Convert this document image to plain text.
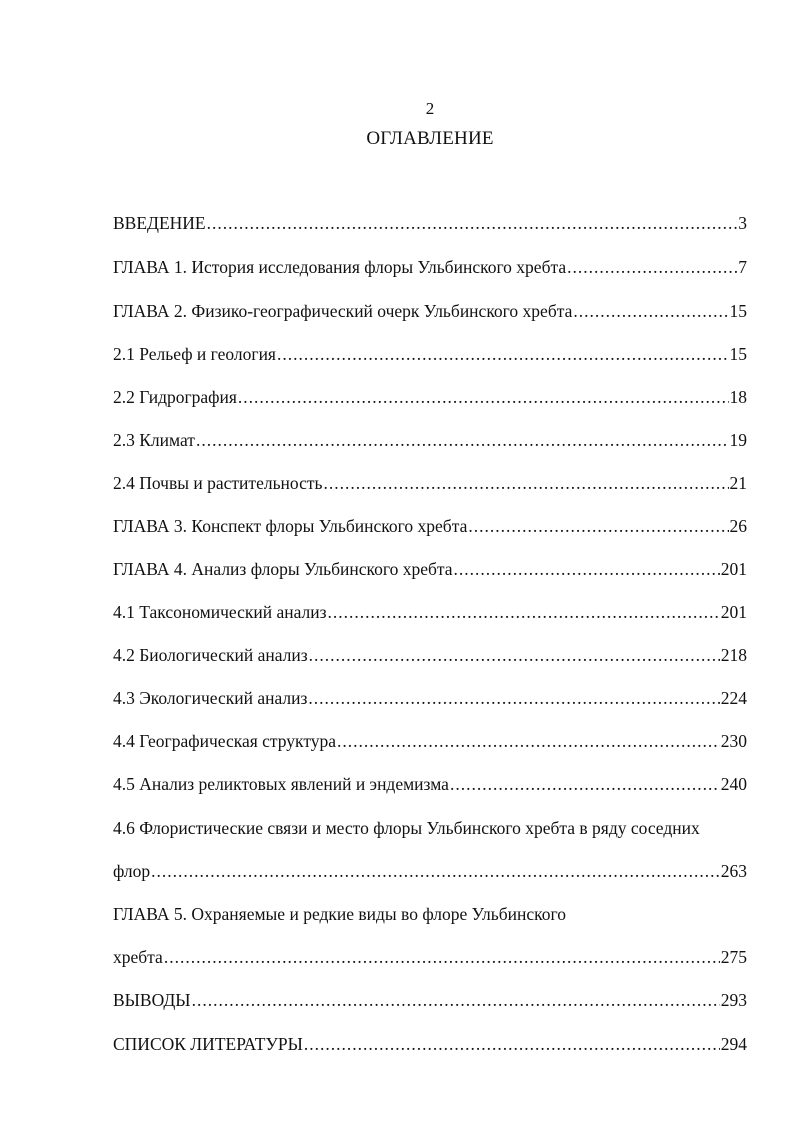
2
ОГЛАВЛЕНИЕ
ВВЕДЕНИЕ .....	3
ГЛАВА 1. История исследования флоры Ульбинского хребта .....	7
ГЛАВА 2. Физико-географический очерк Ульбинского хребта .....	15
2.1 Рельеф и геология .....	15
2.2 Гидрография .....	18
2.3 Климат .....	19
2.4 Почвы и растительность .....	21
ГЛАВА 3. Конспект флоры Ульбинского хребта .....	26
ГЛАВА 4. Анализ флоры Ульбинского хребта .....	201
4.1 Таксономический анализ .....	201
4.2 Биологический анализ .....	218
4.3 Экологический анализ .....	224
4.4 Географическая структура .....	230
4.5 Анализ реликтовых явлений и эндемизма .....	240
4.6 Флористические связи и место флоры Ульбинского хребта в ряду соседних
флор .....	263
ГЛАВА 5. Охраняемые и редкие виды во флоре Ульбинского
хребта .....	275
ВЫВОДЫ .....	293
СПИСОК ЛИТЕРАТУРЫ .....	294
